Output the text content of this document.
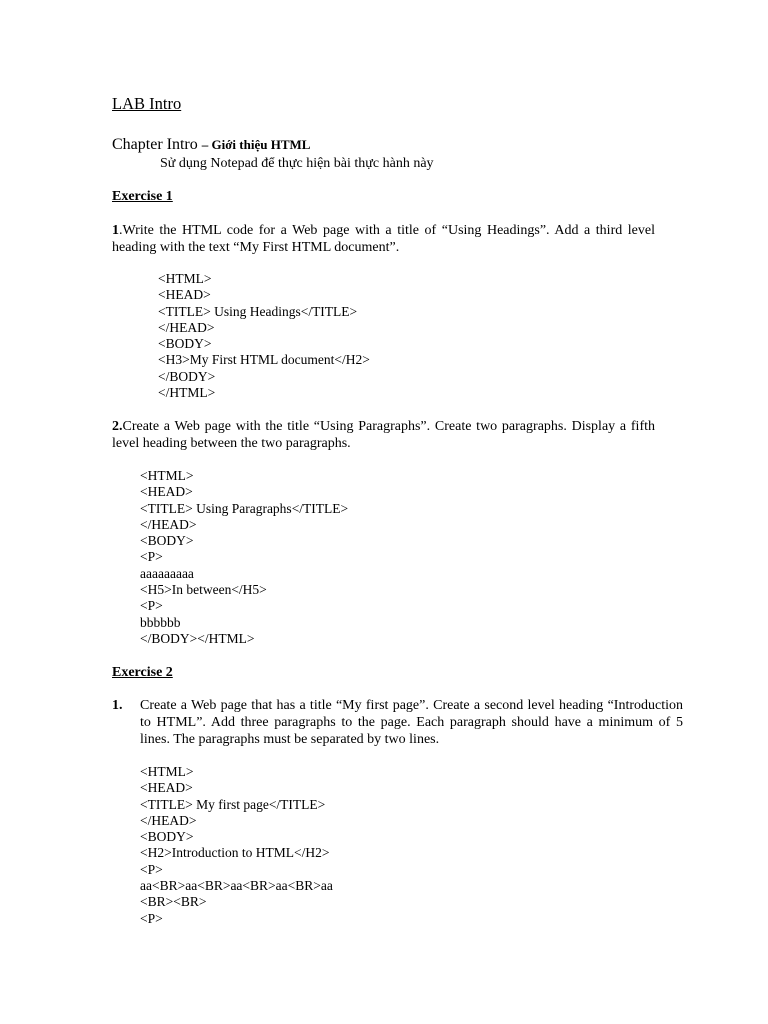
LAB Intro
Chapter Intro – Giới thiệu HTML
Sử dụng Notepad để thực hiện bài thực hành này
Exercise 1
1.Write the HTML code for a Web page with a title of “Using Headings”. Add a third level heading with the text “My First HTML document”.
<HTML>
<HEAD>
<TITLE> Using Headings</TITLE>
</HEAD>
<BODY>
<H3>My First HTML document</H2>
</BODY>
</HTML>
2.Create a Web page with the title “Using Paragraphs”. Create two paragraphs. Display a fifth level heading between the two paragraphs.
<HTML>
<HEAD>
<TITLE> Using Paragraphs</TITLE>
</HEAD>
<BODY>
<P>
aaaaaaaaa
<H5>In between</H5>
<P>
bbbbbb
</BODY></HTML>
Exercise 2
1. Create a Web page that has a title “My first page”. Create a second level heading “Introduction to HTML”. Add three paragraphs to the page. Each paragraph should have a minimum of 5 lines. The paragraphs must be separated by two lines.
<HTML>
<HEAD>
<TITLE> My first page</TITLE>
</HEAD>
<BODY>
<H2>Introduction to HTML</H2>
<P>
aa<BR>aa<BR>aa<BR>aa<BR>aa
<BR><BR>
<P>
